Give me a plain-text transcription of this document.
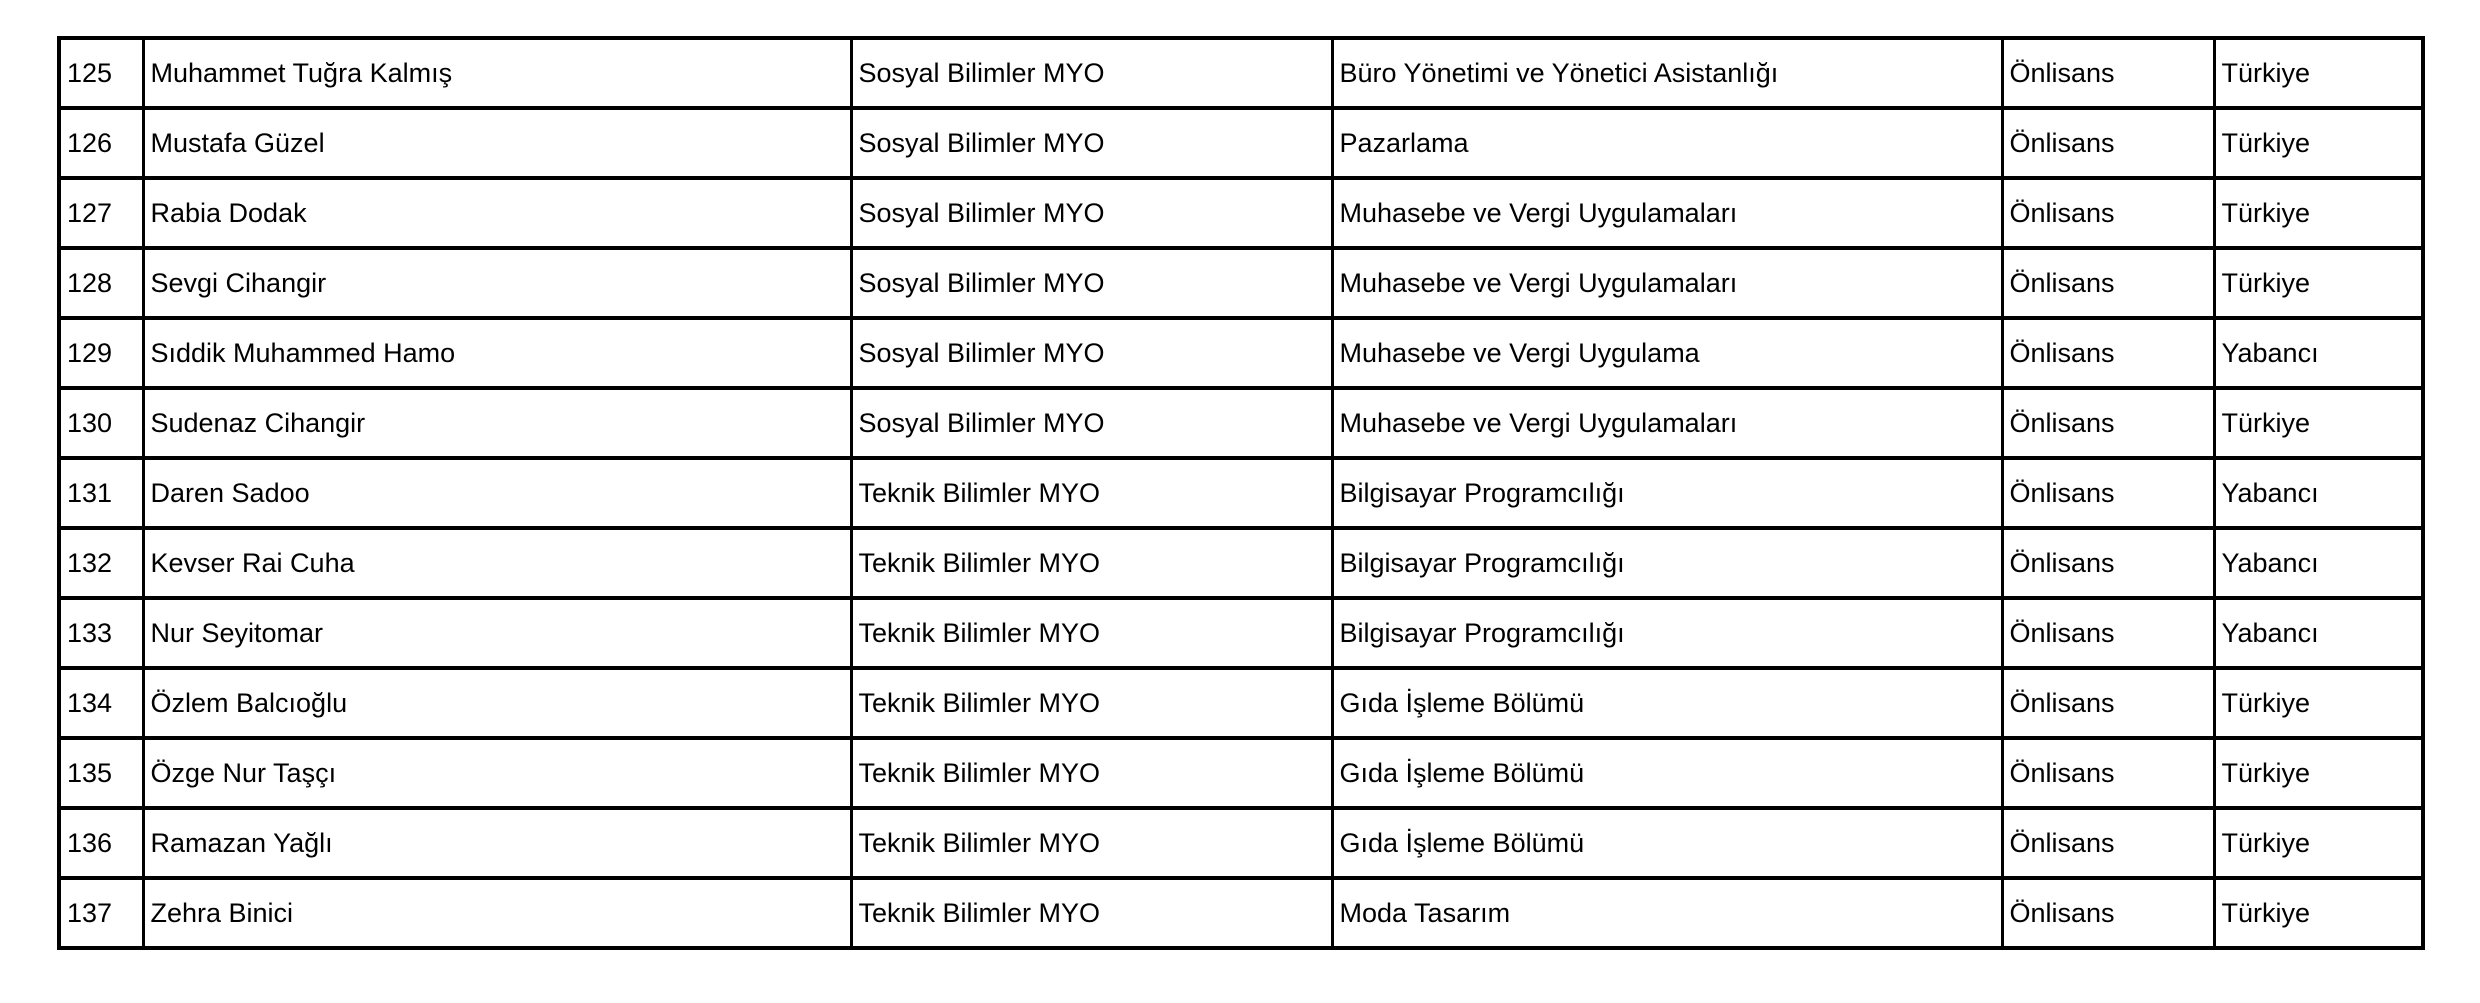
125	Muhammet Tuğra Kalmış	Sosyal Bilimler MYO	Büro Yönetimi ve Yönetici Asistanlığı	Önlisans	Türkiye
126	Mustafa Güzel	Sosyal Bilimler MYO	Pazarlama	Önlisans	Türkiye
127	Rabia Dodak	Sosyal Bilimler MYO	Muhasebe ve Vergi Uygulamaları	Önlisans	Türkiye
128	Sevgi Cihangir	Sosyal Bilimler MYO	Muhasebe ve Vergi Uygulamaları	Önlisans	Türkiye
129	Sıddik Muhammed Hamo	Sosyal Bilimler MYO	Muhasebe ve Vergi Uygulama	Önlisans	Yabancı
130	Sudenaz Cihangir	Sosyal Bilimler MYO	Muhasebe ve Vergi Uygulamaları	Önlisans	Türkiye
131	Daren Sadoo	Teknik Bilimler MYO	Bilgisayar Programcılığı	Önlisans	Yabancı
132	Kevser Rai Cuha	Teknik Bilimler MYO	Bilgisayar Programcılığı	Önlisans	Yabancı
133	Nur Seyitomar	Teknik Bilimler MYO	Bilgisayar Programcılığı	Önlisans	Yabancı
134	Özlem Balcıoğlu	Teknik Bilimler MYO	Gıda İşleme Bölümü	Önlisans	Türkiye
135	Özge Nur Taşçı	Teknik Bilimler MYO	Gıda İşleme Bölümü	Önlisans	Türkiye
136	Ramazan Yağlı	Teknik Bilimler MYO	Gıda İşleme Bölümü	Önlisans	Türkiye
137	Zehra Binici	Teknik Bilimler MYO	Moda Tasarım	Önlisans	Türkiye
